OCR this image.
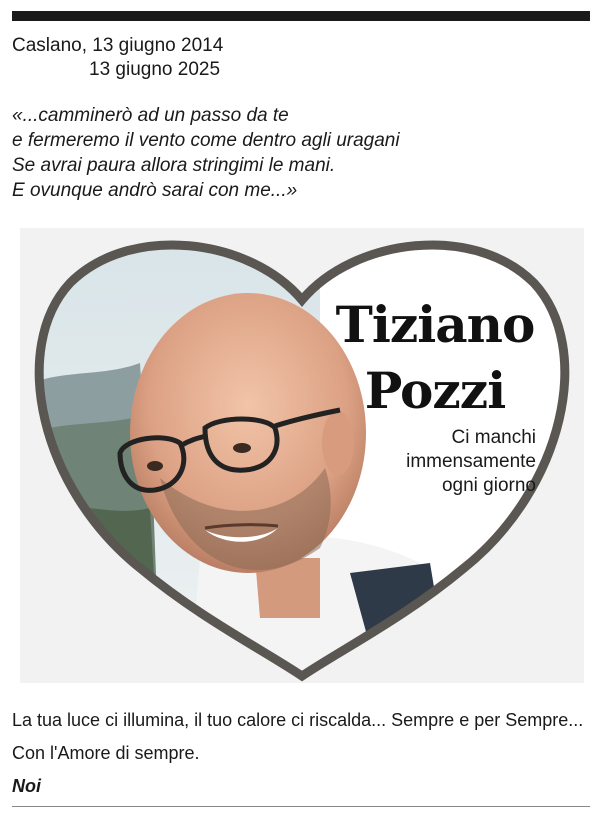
Caslano, 13 giugno 2014
13 giugno 2025
«...camminerò ad un passo da te
e fermeremo il vento come dentro agli uragani
Se avrai paura allora stringimi le mani.
E ovunque andrò sarai con me...»
Tiziano
Pozzi
Ci manchi
immensamente
ogni giorno
La tua luce ci illumina, il tuo calore ci riscalda... Sempre e per Sempre...
Con l'Amore di sempre.
Noi
